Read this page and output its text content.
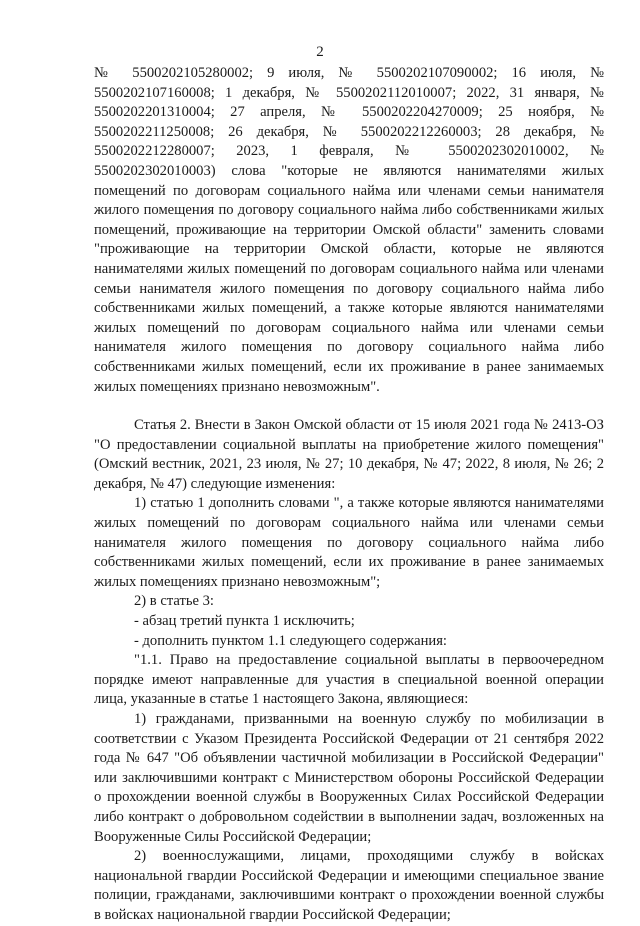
2

№ 5500202105280002; 9 июля, № 5500202107090002; 16 июля, № 5500202107160008; 1 декабря, № 5500202112010007; 2022, 31 января, № 5500202201310004; 27 апреля, № 5500202204270009; 25 ноября, № 5500202211250008; 26 декабря, № 5500202212260003; 28 декабря, № 5500202212280007; 2023, 1 февраля, № 5500202302010002, № 5500202302010003) слова "которые не являются нанимателями жилых помещений по договорам социального найма или членами семьи нанимателя жилого помещения по договору социального найма либо собственниками жилых помещений, проживающие на территории Омской области" заменить словами "проживающие на территории Омской области, которые не являются нанимателями жилых помещений по договорам социального найма или членами семьи нанимателя жилого помещения по договору социального найма либо собственниками жилых помещений, а также которые являются нанимателями жилых помещений по договорам социального найма или членами семьи нанимателя жилого помещения по договору социального найма либо собственниками жилых помещений, если их проживание в ранее занимаемых жилых помещениях признано невозможным".

Статья 2. Внести в Закон Омской области от 15 июля 2021 года № 2413-ОЗ "О предоставлении социальной выплаты на приобретение жилого помещения" (Омский вестник, 2021, 23 июля, № 27; 10 декабря, № 47; 2022, 8 июля, № 26; 2 декабря, № 47) следующие изменения:

1) статью 1 дополнить словами ", а также которые являются нанимателями жилых помещений по договорам социального найма или членами семьи нанимателя жилого помещения по договору социального найма либо собственниками жилых помещений, если их проживание в ранее занимаемых жилых помещениях признано невозможным";

2) в статье 3:

- абзац третий пункта 1 исключить;

- дополнить пунктом 1.1 следующего содержания:

"1.1. Право на предоставление социальной выплаты в первоочередном порядке имеют направленные для участия в специальной военной операции лица, указанные в статье 1 настоящего Закона, являющиеся:

1) гражданами, призванными на военную службу по мобилизации в соответствии с Указом Президента Российской Федерации от 21 сентября 2022 года № 647 "Об объявлении частичной мобилизации в Российской Федерации" или заключившими контракт с Министерством обороны Российской Федерации о прохождении военной службы в Вооруженных Силах Российской Федерации либо контракт о добровольном содействии в выполнении задач, возложенных на Вооруженные Силы Российской Федерации;

2) военнослужащими, лицами, проходящими службу в войсках национальной гвардии Российской Федерации и имеющими специальное звание полиции, гражданами, заключившими контракт о прохождении военной службы в войсках национальной гвардии Российской Федерации;
